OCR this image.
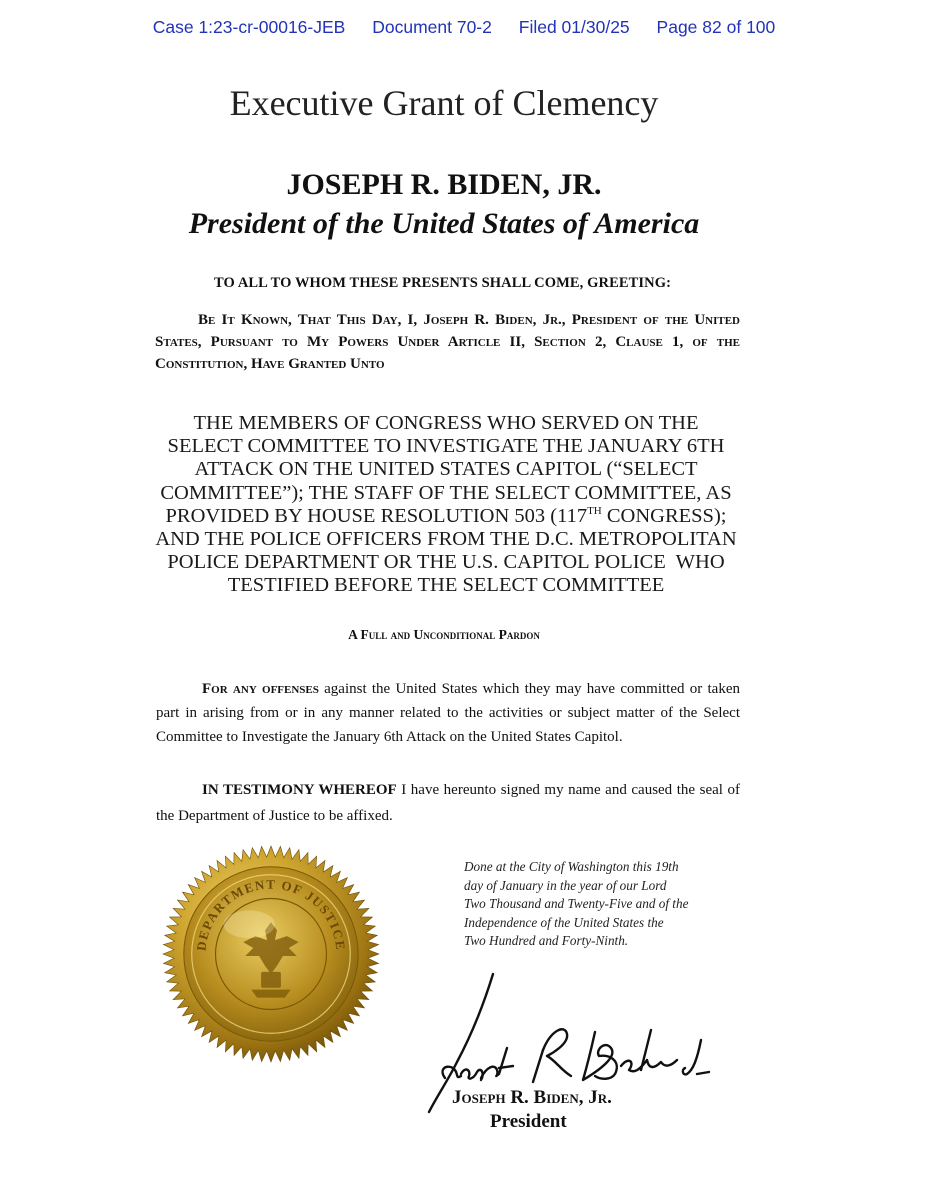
Case 1:23-cr-00016-JEB Document 70-2 Filed 01/30/25 Page 82 of 100
Executive Grant of Clemency
JOSEPH R. BIDEN, JR.
President of the United States of America
TO ALL TO WHOM THESE PRESENTS SHALL COME, GREETING:
Be It Known, That This Day, I, Joseph R. Biden, Jr., President of the United States, Pursuant to My Powers Under Article II, Section 2, Clause 1, of the Constitution, Have Granted Unto
THE MEMBERS OF CONGRESS WHO SERVED ON THE
SELECT COMMITTEE TO INVESTIGATE THE JANUARY 6TH
ATTACK ON THE UNITED STATES CAPITOL (“SELECT
COMMITTEE”); THE STAFF OF THE SELECT COMMITTEE, AS
PROVIDED BY HOUSE RESOLUTION 503 (117TH CONGRESS);
AND THE POLICE OFFICERS FROM THE D.C. METROPOLITAN
POLICE DEPARTMENT OR THE U.S. CAPITOL POLICE  WHO
TESTIFIED BEFORE THE SELECT COMMITTEE
A Full and Unconditional Pardon
For any offenses against the United States which they may have committed or taken part in arising from or in any manner related to the activities or subject matter of the Select Committee to Investigate the January 6th Attack on the United States Capitol.
IN TESTIMONY WHEREOF I have hereunto signed my name and caused the seal of the Department of Justice to be affixed.
Done at the City of Washington this 19th
day of January in the year of our Lord
Two Thousand and Twenty-Five and of the
Independence of the United States the
Two Hundred and Forty-Ninth.
DEPARTMENT OF JUSTICE
Joseph R. Biden, Jr.
President
